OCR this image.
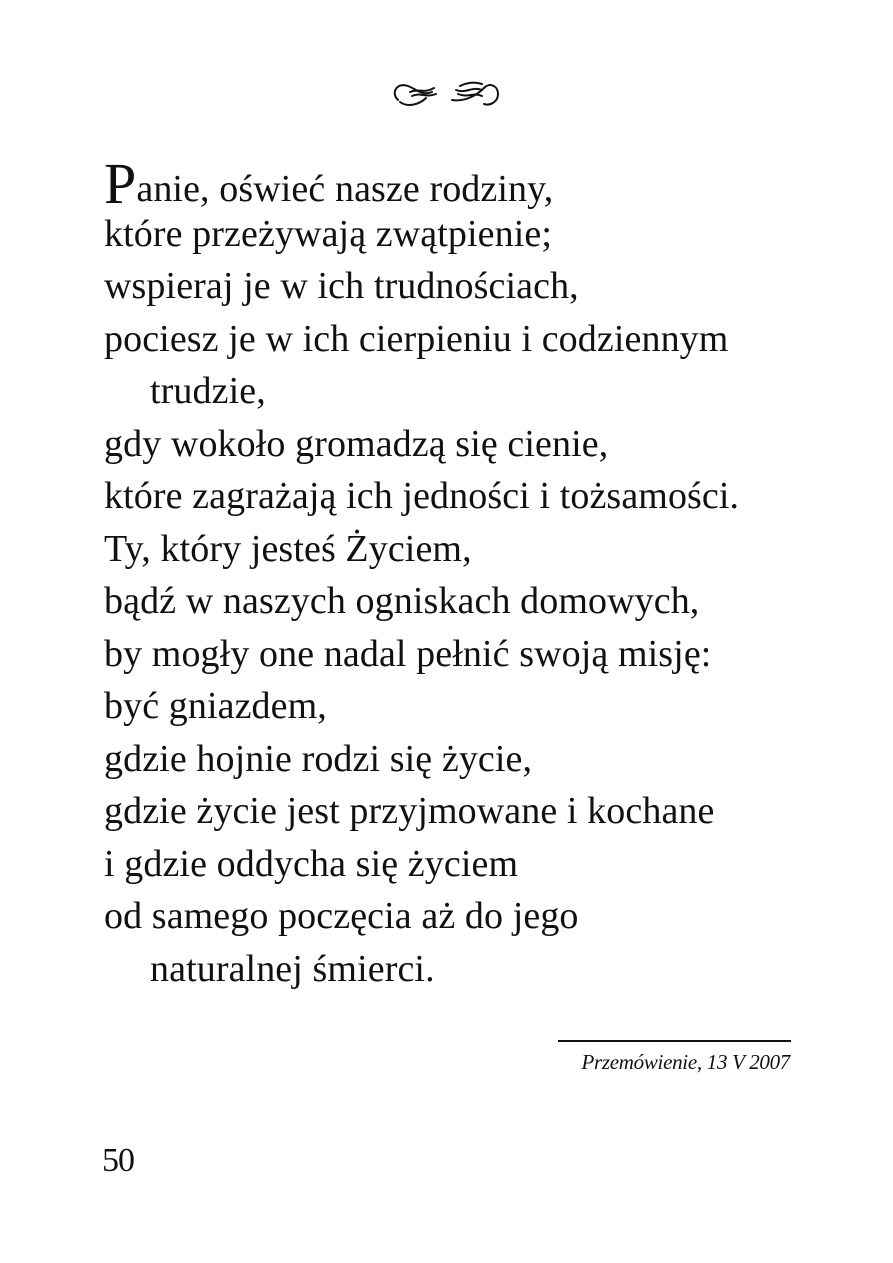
Panie, oświeć nasze rodziny,
które przeżywają zwątpienie;
wspieraj je w ich trudnościach,
pociesz je w ich cierpieniu i codziennym
trudzie,
gdy wokoło gromadzą się cienie,
które zagrażają ich jedności i tożsamości.
Ty, który jesteś Życiem,
bądź w naszych ogniskach domowych,
by mogły one nadal pełnić swoją misję:
być gniazdem,
gdzie hojnie rodzi się życie,
gdzie życie jest przyjmowane i kochane
i gdzie oddycha się życiem
od samego poczęcia aż do jego
naturalnej śmierci.
Przemówienie, 13 V 2007
50
